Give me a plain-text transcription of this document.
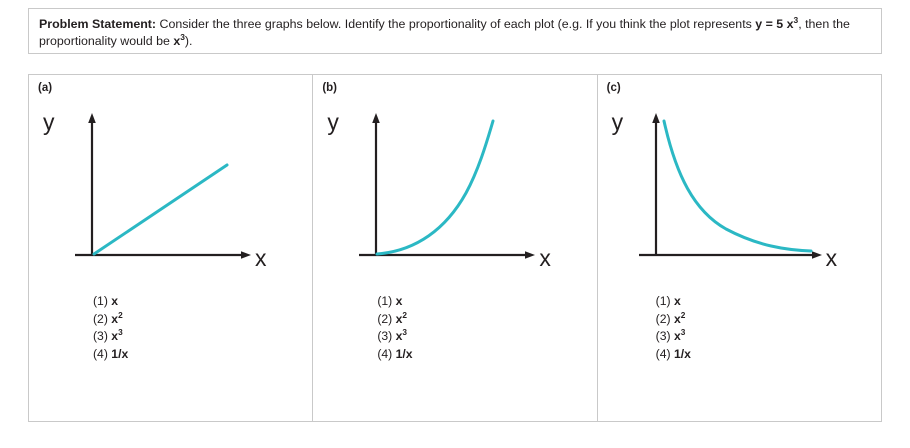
Problem Statement: Consider the three graphs below. Identify the proportionality of each plot (e.g. If you think the plot represents y = 5 $x^3$, then the proportionality would be $x^3$).
(a)
y
x
(1) x
(2) $x^2$
(3) $x^3$
(4) 1/x
(b)
y
x
(1) x
(2) $x^2$
(3) $x^3$
(4) 1/x
(c)
y
x
(1) x
(2) $x^2$
(3) $x^3$
(4) 1/x
